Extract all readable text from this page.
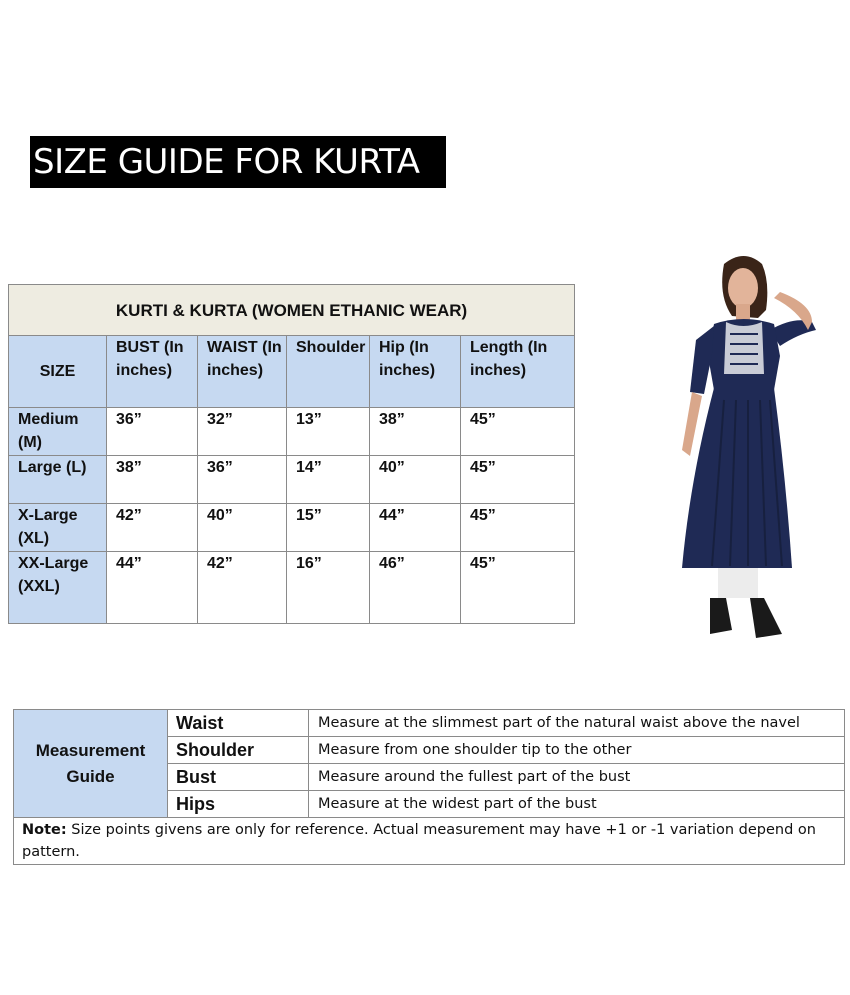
SIZE GUIDE FOR KURTA
KURTI & KURTA (WOMEN ETHANIC WEAR)					
SIZE	BUST (In inches)	WAIST (In inches)	Shoulder	Hip (In inches)	Length (In inches)
Medium (M)	36”	32”	13”	38”	45”
Large (L)	38”	36”	14”	40”	45”
X-Large (XL)	42”	40”	15”	44”	45”
XX-Large (XXL)	44”	42”	16”	46”	45”
Measurement Guide	Waist	Measure at the slimmest part of the natural waist above the navel
	Shoulder	Measure from one shoulder tip to the other
	Bust	Measure around the fullest part of the bust
	Hips	Measure at the widest part of the bust
Note: Size points givens are only for reference. Actual measurement may have +1 or -1 variation depend on pattern.		
